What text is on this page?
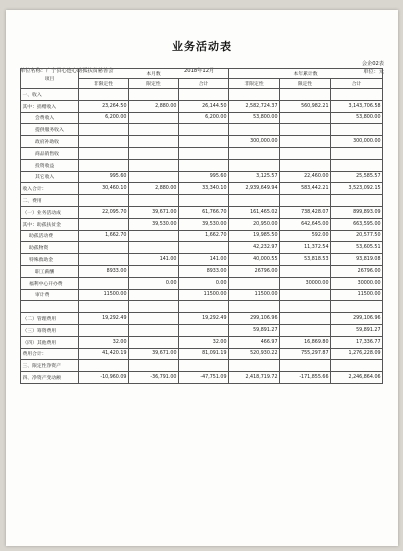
业务活动表
单位名称：广宁县心连心助孤扶贫慈善会	2018年12月
会企02表
单位：元
项目	本月数			本年累计数		
	非限定性	限定性	合计	非限定性	限定性	合计
一、收入						
其中：捐赠收入	23,264.50	2,880.00	26,144.50	2,582,724.37	560,982.21	3,143,706.58
会费收入	6,200.00		6,200.00	53,800.00		53,800.00
提供服务收入						
政府补助收				300,000.00		300,000.00
商品销售收						
投资收益						
其它收入	995.60		995.60	3,125.57	22,460.00	25,585.57
收入合计：	30,460.10	2,880.00	33,340.10	2,939,649.94	583,442.21	3,523,092.15
二、费用						
（一）业务活动成	22,095.70	39,671.00	61,766.70	161,465.02	738,428.07	899,893.09
其中：助孤扶贫金		39,530.00	39,530.00	20,950.00	642,645.00	663,595.00
助孤活动费	1,662.70		1,662.70	19,985.50	592.00	20,577.50
助孤物资				42,232.97	11,372.54	53,605.51
特殊救助金		141.00	141.00	40,000.55	53,818.53	93,819.08
职工薪酬	8933.00		8933.00	26796.00		26796.00
福利中心开办费		0.00	0.00		30000.00	30000.00
审计费	11500.00		11500.00	11500.00		11500.00

（二）管理费用	19,292.49		19,292.49	299,106.96		299,106.96
（三）筹资费用				59,891.27		59,891.27
（四）其他费用	32.00		32.00	466.97	16,869.80	17,336.77
费用合计：	41,420.19	39,671.00	81,091.19	520,930.22	755,297.87	1,276,228.09
三、限定性净资产						
四、净资产变动额	-10,960.09	-36,791.00	-47,751.09	2,418,719.72	-171,855.66	2,246,864.06
